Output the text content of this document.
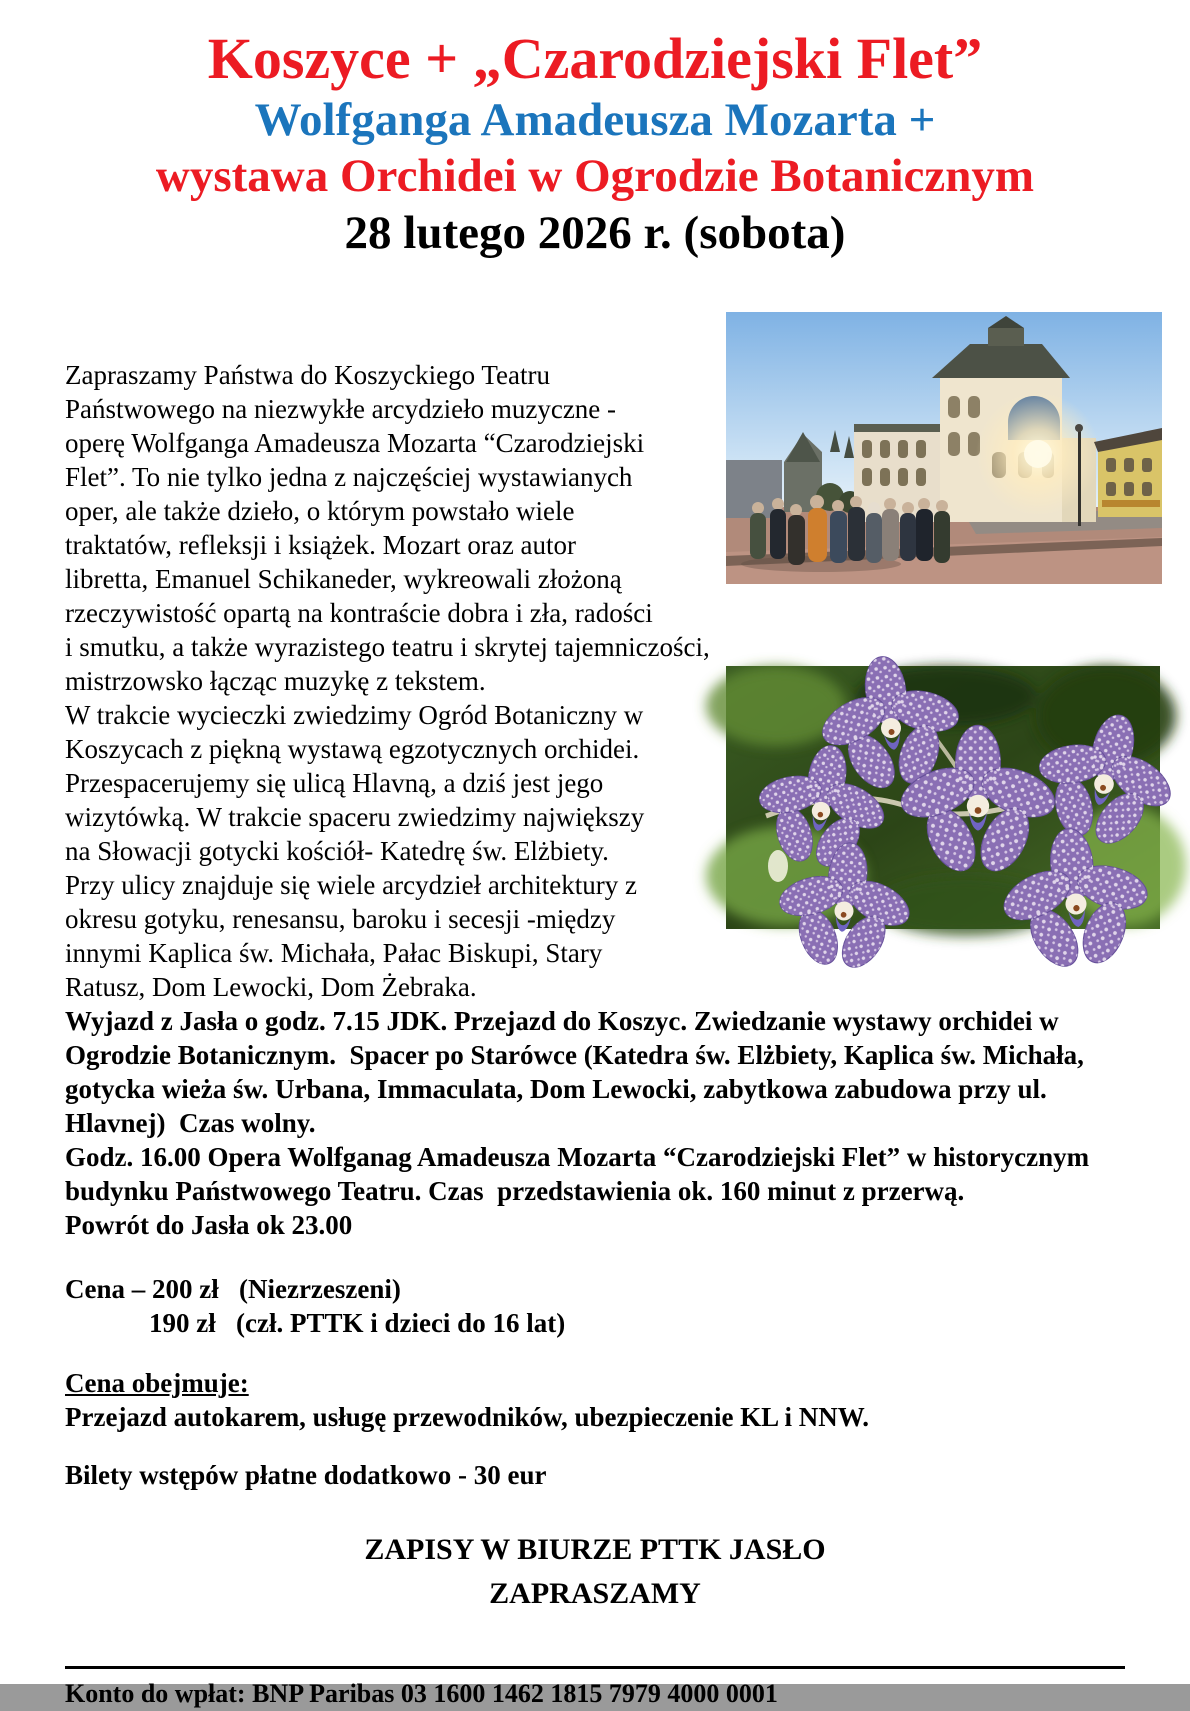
Koszyce + „Czarodziejski Flet”
Wolfganga Amadeusza Mozarta +
wystawa Orchidei w Ogrodzie Botanicznym
28 lutego 2026 r. (sobota)
Zapraszamy Państwa do Koszyckiego Teatru Państwowego na niezwykłe arcydzieło muzyczne -operę Wolfganga Amadeusza Mozarta “Czarodziejski Flet”. To nie tylko jedna z najczęściej wystawianych oper, ale także dzieło, o którym powstało wiele traktatów, refleksji i książek. Mozart oraz autor libretta, Emanuel Schikaneder, wykreowali złożoną rzeczywistość opartą na kontraście dobra i zła, radości i smutku, a także wyrazistego teatru i skrytej tajemniczości,
mistrzowsko łącząc muzykę z tekstem.
W trakcie wycieczki zwiedzimy Ogród Botaniczny w Koszycach z piękną wystawą egzotycznych orchidei. Przespacerujemy się ulicą Hlavną, a dziś jest jego wizytówką. W trakcie spaceru zwiedzimy największy na Słowacji gotycki kościół- Katedrę św. Elżbiety. Przy ulicy znajduje się wiele arcydzieł architektury z okresu gotyku, renesansu, baroku i secesji -między innymi Kaplica św. Michała, Pałac Biskupi, Stary Ratusz, Dom Lewocki, Dom Żebraka.
Wyjazd z Jasła o godz. 7.15 JDK. Przejazd do Koszyc. Zwiedzanie wystawy orchidei w Ogrodzie Botanicznym.  Spacer po Starówce (Katedra św. Elżbiety, Kaplica św. Michała, gotycka wieża św. Urbana, Immaculata, Dom Lewocki, zabytkowa zabudowa przy ul. Hlavnej)  Czas wolny.
Godz. 16.00 Opera Wolfganag Amadeusza Mozarta “Czarodziejski Flet” w historycznym budynku Państwowego Teatru. Czas  przedstawienia ok. 160 minut z przerwą.
Powrót do Jasła ok 23.00
Cena – 200 zł   (Niezrzeszeni)
190 zł   (czł. PTTK i dzieci do 16 lat)
Cena obejmuje:
Przejazd autokarem, usługę przewodników, ubezpieczenie KL i NNW.
Bilety wstępów płatne dodatkowo - 30 eur
ZAPISY W BIURZE PTTK JASŁO
ZAPRASZAMY
Konto do wpłat: BNP Paribas 03 1600 1462 1815 7979 4000 0001
